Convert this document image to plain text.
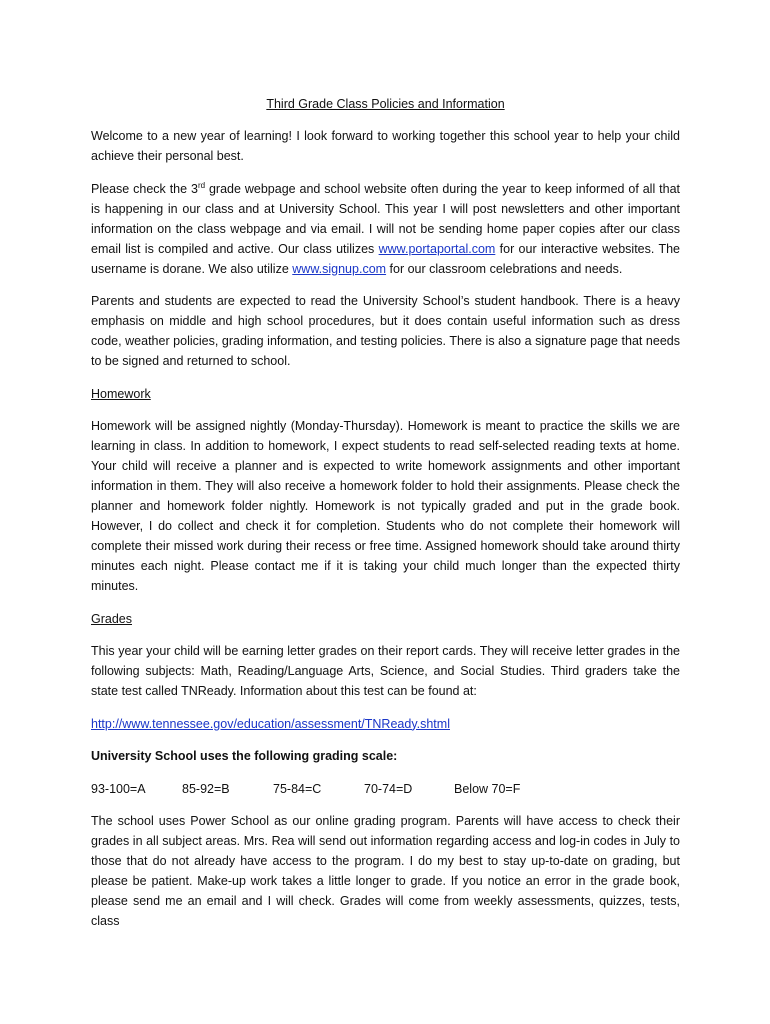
Third Grade Class Policies and Information

Welcome to a new year of learning! I look forward to working together this school year to help your child achieve their personal best.

Please check the 3rd grade webpage and school website often during the year to keep informed of all that is happening in our class and at University School. This year I will post newsletters and other important information on the class webpage and via email. I will not be sending home paper copies after our class email list is compiled and active. Our class utilizes www.portaportal.com for our interactive websites. The username is dorane. We also utilize www.signup.com for our classroom celebrations and needs.

Parents and students are expected to read the University School’s student handbook. There is a heavy emphasis on middle and high school procedures, but it does contain useful information such as dress code, weather policies, grading information, and testing policies. There is also a signature page that needs to be signed and returned to school.

Homework

Homework will be assigned nightly (Monday-Thursday). Homework is meant to practice the skills we are learning in class. In addition to homework, I expect students to read self-selected reading texts at home. Your child will receive a planner and is expected to write homework assignments and other important information in them. They will also receive a homework folder to hold their assignments. Please check the planner and homework folder nightly. Homework is not typically graded and put in the grade book. However, I do collect and check it for completion. Students who do not complete their homework will complete their missed work during their recess or free time. Assigned homework should take around thirty minutes each night. Please contact me if it is taking your child much longer than the expected thirty minutes.

Grades

This year your child will be earning letter grades on their report cards. They will receive letter grades in the following subjects: Math, Reading/Language Arts, Science, and Social Studies. Third graders take the state test called TNReady. Information about this test can be found at:

http://www.tennessee.gov/education/assessment/TNReady.shtml

University School uses the following grading scale:

93-100=A	85-92=B	75-84=C	70-74=D	Below 70=F

The school uses Power School as our online grading program. Parents will have access to check their grades in all subject areas. Mrs. Rea will send out information regarding access and log-in codes in July to those that do not already have access to the program. I do my best to stay up-to-date on grading, but please be patient. Make-up work takes a little longer to grade. If you notice an error in the grade book, please send me an email and I will check. Grades will come from weekly assessments, quizzes, tests, class
